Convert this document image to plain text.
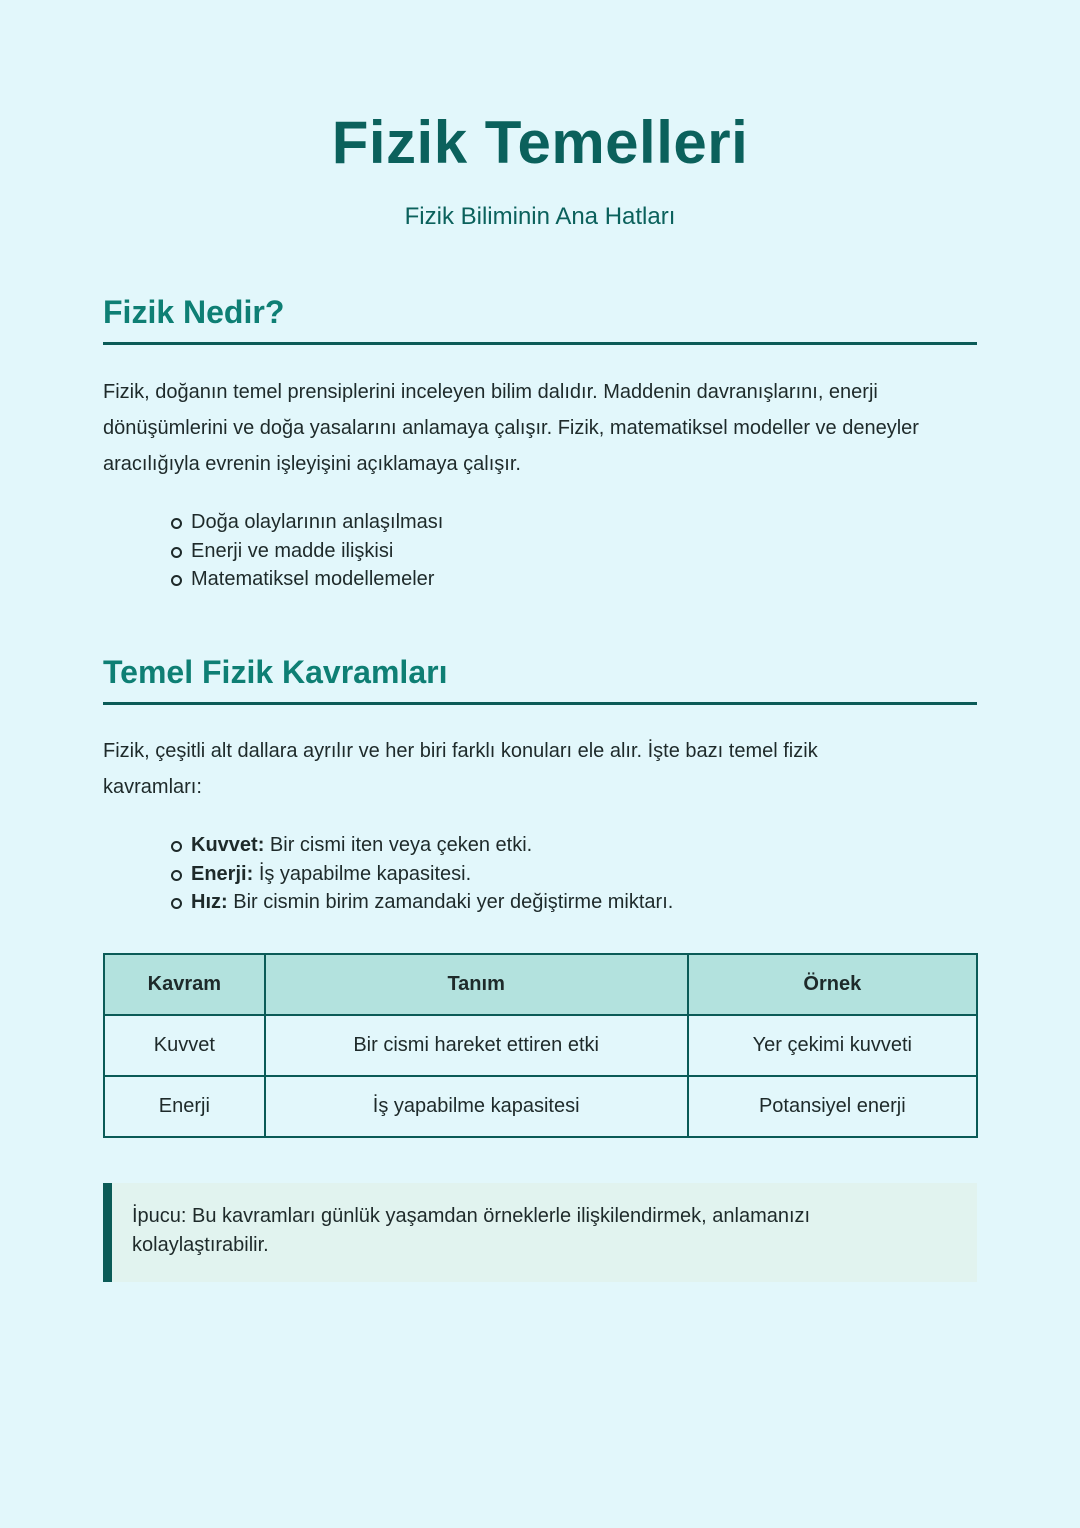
Fizik Temelleri
Fizik Biliminin Ana Hatları
Fizik Nedir?

Fizik, doğanın temel prensiplerini inceleyen bilim dalıdır. Maddenin davranışlarını, enerji dönüşümlerini ve doğa yasalarını anlamaya çalışır. Fizik, matematiksel modeller ve deneyler aracılığıyla evrenin işleyişini açıklamaya çalışır.

Doğa olaylarının anlaşılması
Enerji ve madde ilişkisi
Matematiksel modellemeler
Temel Fizik Kavramları

Fizik, çeşitli alt dallara ayrılır ve her biri farklı konuları ele alır. İşte bazı temel fizik kavramları:

Kuvvet: Bir cismi iten veya çeken etki.
Enerji: İş yapabilme kapasitesi.
Hız: Bir cismin birim zamandaki yer değiştirme miktarı.
Kavram	Tanım	Örnek
Kuvvet	Bir cismi hareket ettiren etki	Yer çekimi kuvveti
Enerji	İş yapabilme kapasitesi	Potansiyel enerji
İpucu: Bu kavramları günlük yaşamdan örneklerle ilişkilendirmek, anlamanızı kolaylaştırabilir.
